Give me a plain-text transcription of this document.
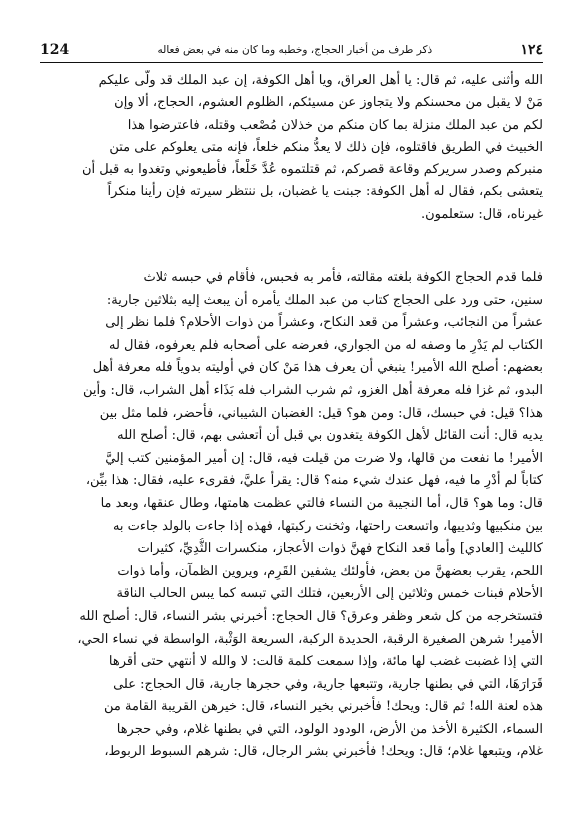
١٢٤
ذكر طرف من أخبار الحجاج، وخطبه وما كان منه في بعض فعاله
124
الله وأثنى عليه، ثم قال: يا أهل العراق، ويا أهل الكوفة، إن عبد الملك قد ولّى عليكم
مَنْ لا يقبل من محسنكم ولا يتجاوز عن مسيئكم، الظلوم العشوم، الحجاج، ألا وإن
لكم من عبد الملك منزلة بما كان منكم من خذلان مُصْعب وقتله، فاعترضوا هذا
الخبيث في الطريق فاقتلوه، فإن ذلك لا يعدُّ منكم خلعاً، فإنه متى يعلوكم على متن
منبركم وصدر سريركم وقاعة قصركم، ثم قتلتموه عُدَّ خَلْعاً، فأطيعوني وتغدوا به قبل أن
يتعشى بكم، فقال له أهل الكوفة: جبنت يا غضبان، بل ننتظر سيرته فإن رأينا منكراً
غيرناه، قال: ستعلمون.
فلما قدم الحجاج الكوفة بلغته مقالته، فأمر به فحبس، فأقام في حبسه ثلاث
سنين، حتى ورد على الحجاج كتاب من عبد الملك يأمره أن يبعث إليه بثلاثين جارية:
عشراً من النجائب، وعشراً من قعد النكاح، وعشراً من ذوات الأحلام؟ فلما نظر إلى
الكتاب لم يَدْرِ ما وصفه له من الجواري، فعرضه على أصحابه فلم يعرفوه، فقال له
بعضهم: أصلح الله الأمير! ينبغي أن يعرف هذا مَنْ كان في أوليته بدوياً فله معرفة أهل
البدو، ثم غزا فله معرفة أهل الغزو، ثم شرب الشراب فله بَذَاء أهل الشراب، قال: وأين
هذا؟ قيل: في حبسك، قال: ومن هو؟ قيل: الغضبان الشيباني، فأحضر، فلما مثل بين
يديه قال: أنت القائل لأهل الكوفة يتغدون بي قبل أن أتعشى بهم، قال: أصلح الله
الأمير! ما نفعت من قالها، ولا ضرت من قيلت فيه، قال: إن أمير المؤمنين كتب إليَّ
كتاباً لم أدْرِ ما فيه، فهل عندك شيء منه؟ قال: يقرأ عليَّ، فقرىء عليه، فقال: هذا بيِّن،
قال: وما هو؟ قال، أما النجيبة من النساء فالتي عظمت هامتها، وطال عنقها، وبعد ما
بين منكبيها وثدييها، واتسعت راحتها، وثخنت ركبتها، فهذه إذا جاءت بالولد جاءت به
كالليث [العادي] وأما قعد النكاح فهنَّ ذوات الأعجاز، منكسرات الثُّدِيِّ، كثيرات
اللحم، يقرب بعضهنَّ من بعض، فأولئك يشفين القَرِم، ويروين الظمآن، وأما ذوات
الأحلام فبنات خمس وثلاثين إلى الأربعين، فتلك التي تبسه كما يبس الحالب الناقة
فتستخرجه من كل شعر وظفر وعرق؟ قال الحجاج: أخبرني بشر النساء، قال: أصلح الله
الأمير! شرهن الصغيرة الرقبة، الحديدة الركبة، السريعة الوَثْبة، الواسطة في نساء الحي،
التي إذا غضبت غضب لها مائة، وإذا سمعت كلمة قالت: لا والله لا أنتهي حتى أقرها
قَرَارَهَا، التي في بطنها جارية، وتتبعها جارية، وفي حجرها جارية، قال الحجاج: على
هذه لعنة الله! ثم قال: ويحك! فأخبرني بخير النساء، قال: خيرهن القريبة القامة من
السماء، الكثيرة الأخذ من الأرض، الودود الولود، التي في بطنها غلام، وفي حجرها
غلام، ويتبعها غلام؛ قال: ويحك! فأخبرني بشر الرجال، قال: شرهم السبوط الربوط،
